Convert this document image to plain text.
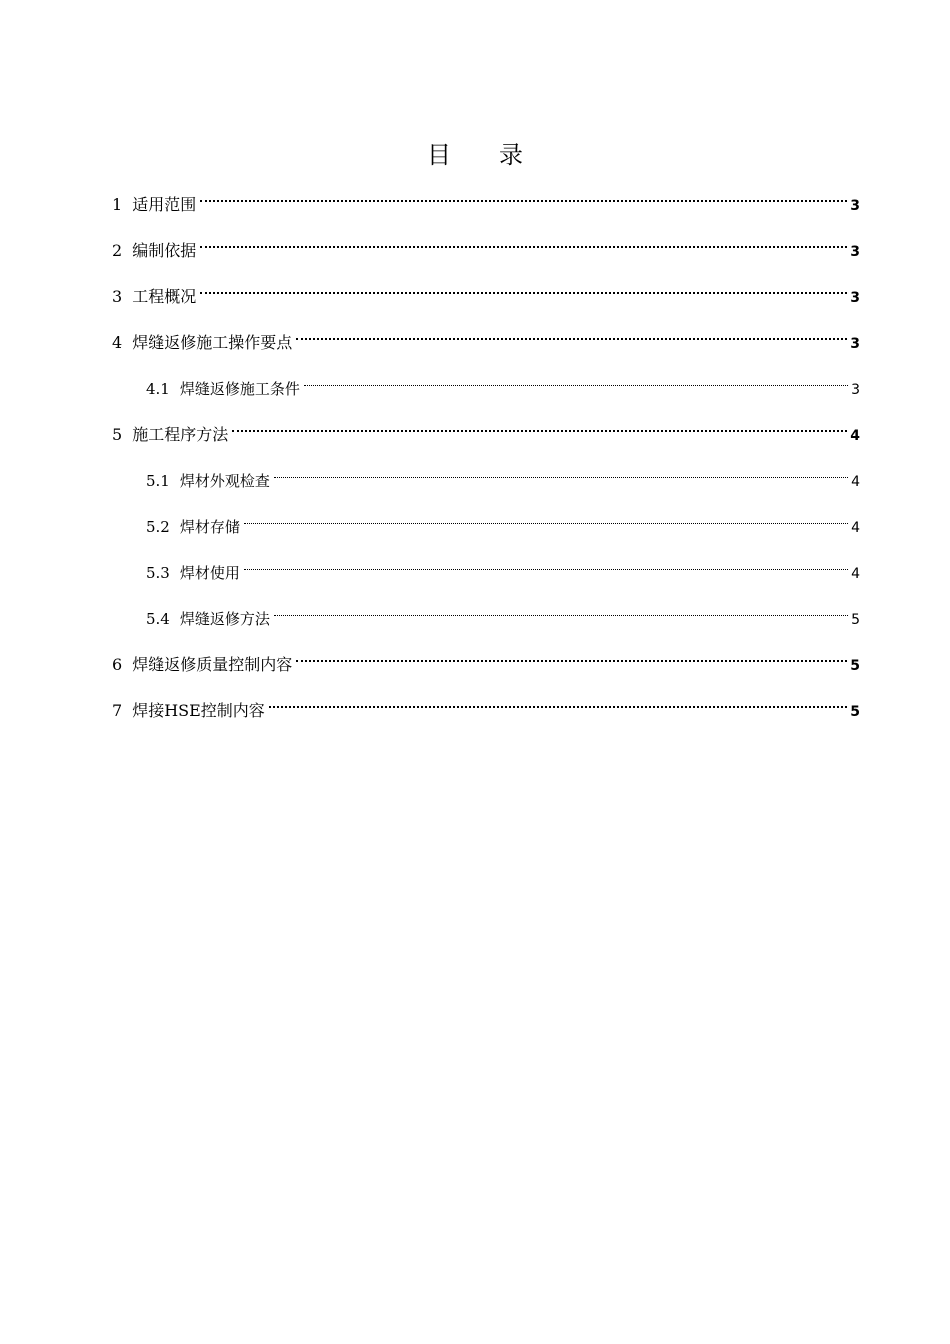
目 录
1 适用范围	3
2 编制依据	3
3 工程概况	3
4 焊缝返修施工操作要点	3
4.1 焊缝返修施工条件	3
5 施工程序方法	4
5.1 焊材外观检查	4
5.2 焊材存储	4
5.3 焊材使用	4
5.4 焊缝返修方法	5
6 焊缝返修质量控制内容	5
7 焊接HSE控制内容	5
